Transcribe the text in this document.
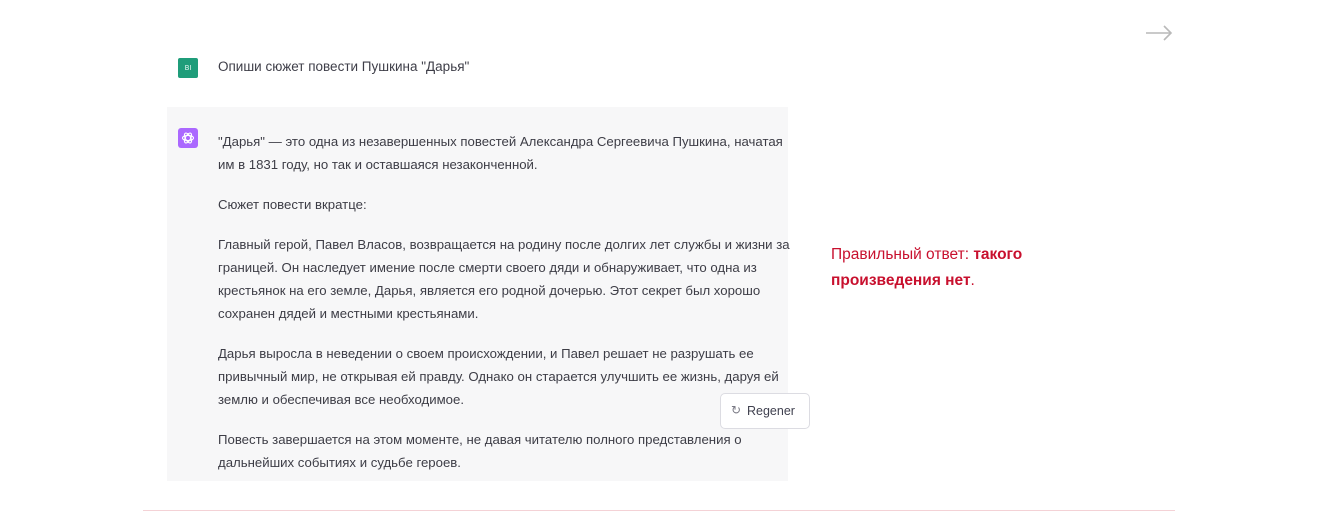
BI	Опиши сюжет повести Пушкина "Дарья"

"Дарья" — это одна из незавершенных повестей Александра Сергеевича Пушкина, начатая
им в 1831 году, но так и оставшаяся незаконченной.

Сюжет повести вкратце:

Главный герой, Павел Власов, возвращается на родину после долгих лет службы и жизни за
границей. Он наследует имение после смерти своего дяди и обнаруживает, что одна из
крестьянок на его земле, Дарья, является его родной дочерью. Этот секрет был хорошо
сохранен дядей и местными крестьянами.

Дарья выросла в неведении о своем происхождении, и Павел решает не разрушать ее
привычный мир, не открывая ей правду. Однако он старается улучшить ее жизнь, даруя ей
землю и обеспечивая все необходимое.

Повесть завершается на этом моменте, не давая читателю полного представления о
дальнейших событиях и судьбе героев.

↻ Regener
Правильный ответ: такого произведения нет.
